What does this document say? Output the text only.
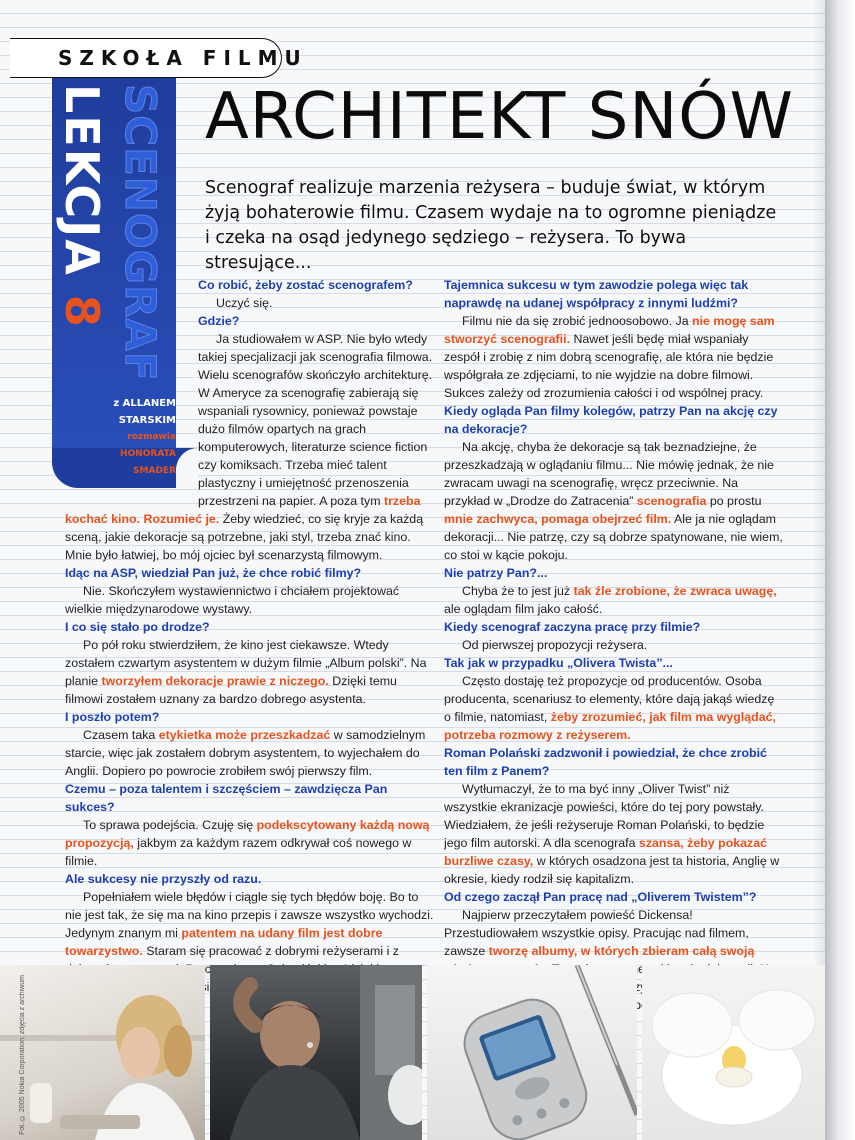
SZKOŁA FILMU
LEKCJA 8 SCENOGRAF
z ALLANEM
STARSKIM
rozmawia
HONORATA
SMADER
ARCHITEKT SNÓW
Scenograf realizuje marzenia reżysera – buduje świat, w którym żyją bohaterowie filmu. Czasem wydaje na to ogromne pieniądze i czeka na osąd jedynego sędziego – reżysera. To bywa stresujące...

Co robić, żeby zostać scenografem?

Uczyć się.

Gdzie?

Ja studiowałem w ASP. Nie było wtedy takiej specjalizacji jak scenografia filmowa. Wielu scenografów skończyło architekturę. W Ameryce za scenografię zabierają się wspaniali rysownicy, ponieważ powstaje dużo filmów opartych na grach komputerowych, literaturze science fiction czy komiksach. Trzeba mieć talent plastyczny i umiejętność przenoszenia przestrzeni na papier. A poza tym trzeba kochać kino. Rozumieć je. Żeby wiedzieć, co się kryje za każdą sceną, jakie dekoracje są potrzebne, jaki styl, trzeba znać kino. Mnie było łatwiej, bo mój ojciec był scenarzystą filmowym.

Idąc na ASP, wiedział Pan już, że chce robić filmy?

Nie. Skończyłem wystawiennictwo i chciałem projektować wielkie międzynarodowe wystawy.

I co się stało po drodze?

Po pół roku stwierdziłem, że kino jest ciekawsze. Wtedy zostałem czwartym asystentem w dużym filmie „Album polski”. Na planie tworzyłem dekoracje prawie z niczego. Dzięki temu filmowi zostałem uznany za bardzo dobrego asystenta.

I poszło potem?

Czasem taka etykietka może przeszkadzać w samodzielnym starcie, więc jak zostałem dobrym asystentem, to wyjechałem do Anglii. Dopiero po powrocie zrobiłem swój pierwszy film.

Czemu – poza talentem i szczęściem – zawdzięcza Pan sukces?

To sprawa podejścia. Czuję się podekscytowany każdą nową propozycją, jakbym za każdym razem odkrywał coś nowego w filmie.

Ale sukcesy nie przyszły od razu.

Popełniałem wiele błędów i ciągle się tych błędów boję. Bo to nie jest tak, że się ma na kino przepis i zawsze wszystko wychodzi. Jedynym znanym mi patentem na udany film jest dobre towarzystwo. Staram się pracować z dobrymi reżyserami i z

Tajemnica sukcesu w tym zawodzie polega więc tak naprawdę na udanej współpracy z innymi ludźmi?

Filmu nie da się zrobić jednoosobowo. Ja nie mogę sam stworzyć scenografii. Nawet jeśli będę miał wspaniały zespół i zrobię z nim dobrą scenografię, ale która nie będzie współgrała ze zdjęciami, to nie wyjdzie na dobre filmowi. Sukces zależy od zrozumienia całości i od wspólnej pracy.

Kiedy ogląda Pan filmy kolegów, patrzy Pan na akcję czy na dekoracje?

Na akcję, chyba że dekoracje są tak beznadziejne, że przeszkadzają w oglądaniu filmu... Nie mówię jednak, że nie zwracam uwagi na scenografię, wręcz przeciwnie. Na przykład w „Drodze do Zatracenia” scenografia po prostu mnie zachwyca, pomaga obejrzeć film. Ale ja nie oglądam dekoracji... Nie patrzę, czy są dobrze spatynowane, nie wiem, co stoi w kącie pokoju.

Nie patrzy Pan?...

Chyba że to jest już tak źle zrobione, że zwraca uwagę, ale oglądam film jako całość.

Kiedy scenograf zaczyna pracę przy filmie?

Od pierwszej propozycji reżysera.

Tak jak w przypadku „Olivera Twista”...

Często dostaję też propozycje od producentów. Osoba producenta, scenariusz to elementy, które dają jakąś wiedzę o filmie, natomiast, żeby zrozumieć, jak film ma wyglądać, potrzeba rozmowy z reżyserem.

Roman Polański zadzwonił i powiedział, że chce zrobić ten film z Panem?

Wytłumaczył, że to ma być inny „Oliver Twist” niż wszystkie ekranizacje powieści, które do tej pory powstały. Wiedziałem, że jeśli reżyseruje Roman Polański, to będzie jego film autorski. A dla scenografa szansa, żeby pokazać burzliwe czasy, w których osadzona jest ta historia, Anglię w okresie, kiedy rodził się kapitalizm.

Od czego zaczął Pan pracę nad „Oliverem Twistem”?

Najpierw przeczytałem powieść Dickensa! Przestudiowałem wszystkie opisy. Pracując nad filmem, zawsze tworzę albumy, w których zbieram całą swoją

Fot. © 2005 Nokia Corporation; zdjęcia z archiwum
